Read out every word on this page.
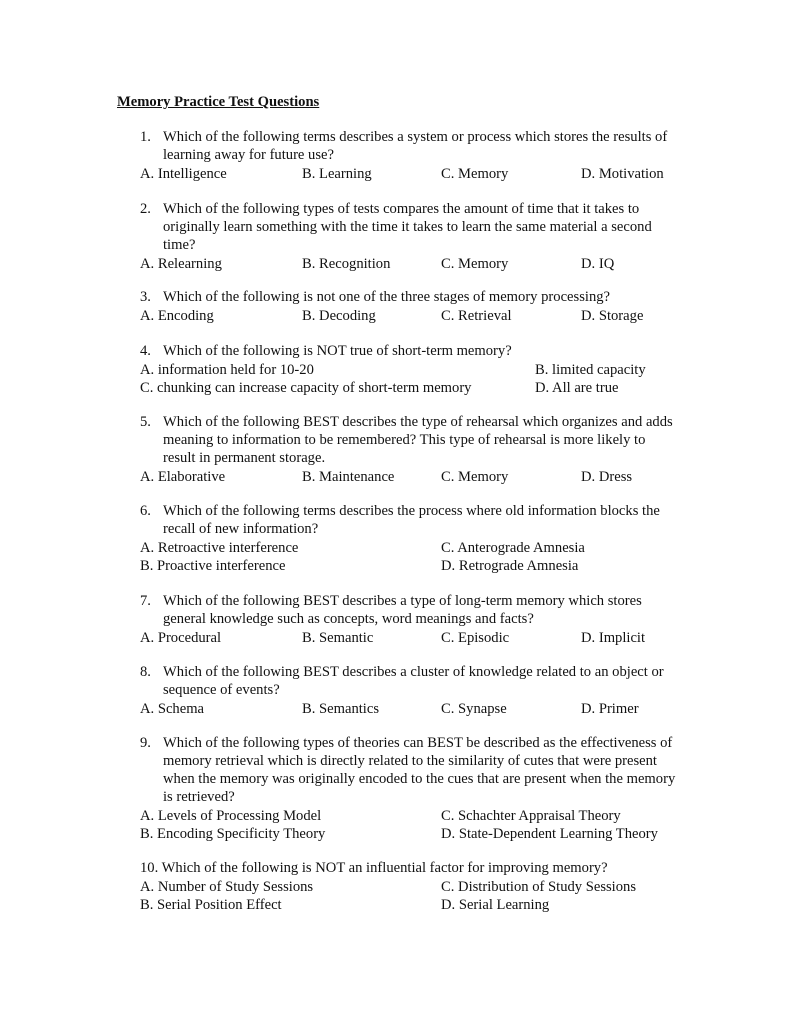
Memory Practice Test Questions
1. Which of the following terms describes a system or process which stores the results of learning away for future use?
A. Intelligence	B. Learning	C. Memory	D. Motivation
2. Which of the following types of tests compares the amount of time that it takes to originally learn something with the time it takes to learn the same material a second time?
A. Relearning	B. Recognition	C. Memory	D. IQ
3. Which of the following is not one of the three stages of memory processing?
A. Encoding	B. Decoding	C. Retrieval	D. Storage
4. Which of the following is NOT true of short-term memory?
A. information held for 10-20	B. limited capacity
C. chunking can increase capacity of short-term memory	D. All are true
5. Which of the following BEST describes the type of rehearsal which organizes and adds meaning to information to be remembered? This type of rehearsal is more likely to result in permanent storage.
A. Elaborative	B. Maintenance	C. Memory	D. Dress
6. Which of the following terms describes the process where old information blocks the recall of new information?
A. Retroactive interference	C. Anterograde Amnesia
B. Proactive interference	D. Retrograde Amnesia
7. Which of the following BEST describes a type of long-term memory which stores general knowledge such as concepts, word meanings and facts?
A. Procedural	B. Semantic	C. Episodic	D. Implicit
8. Which of the following BEST describes a cluster of knowledge related to an object or sequence of events?
A. Schema	B. Semantics	C. Synapse	D. Primer
9. Which of the following types of theories can BEST be described as the effectiveness of memory retrieval which is directly related to the similarity of cutes that were present when the memory was originally encoded to the cues that are present when the memory is retrieved?
A. Levels of Processing Model	C. Schachter Appraisal Theory
B. Encoding Specificity Theory	D. State-Dependent Learning Theory
10. Which of the following is NOT an influential factor for improving memory?
A. Number of Study Sessions	C. Distribution of Study Sessions
B. Serial Position Effect	D. Serial Learning
